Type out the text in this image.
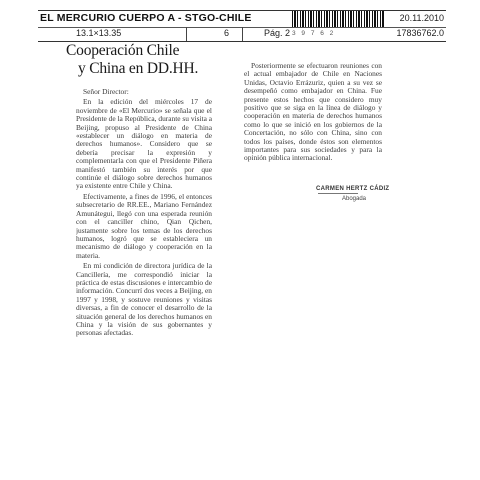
EL MERCURIO CUERPO A - STGO-CHILE	20.11.2010
13.1×13.35	6	Pág. 2 3 9 7 6 2	17836762.0
Cooperación Chile
y China en DD.HH.

Señor Director:

En la edición del miércoles 17 de noviembre de «El Mercurio» se señala que el Presidente de la República, durante su visita a Beijing, propuso al Presidente de China «establecer un diálogo en materia de derechos humanos». Considero que se debería precisar la expresión y complementarla con que el Presidente Piñera manifestó también su interés por que continúe el diálogo sobre derechos humanos ya existente entre Chile y China.

Efectivamente, a fines de 1996, el entonces subsecretario de RR.EE., Mariano Fernández Amunátegui, llegó con una esperada reunión con el canciller chino, Qian Qichen, justamente sobre los temas de los derechos humanos, logró que se estableciera un mecanismo de diálogo y cooperación en la materia.

En mi condición de directora jurídica de la Cancillería, me correspondió iniciar la práctica de estas discusiones e intercambio de información. Concurrí dos veces a Beijing, en 1997 y 1998, y sostuve reuniones y visitas diversas, a fin de conocer el desarrollo de la situación general de los derechos humanos en China y la visión de sus gobernantes y personas afectadas.

Posteriormente se efectuaron reuniones con el actual embajador de Chile en Naciones Unidas, Octavio Errázuriz, quien a su vez se desempeñó como embajador en China. Fue presente estos hechos que considero muy positivo que se siga en la línea de diálogo y cooperación en materia de derechos humanos como lo que se inició en los gobiernos de la Concertación, no sólo con China, sino con todos los países, donde éstos son elementos importantes para sus sociedades y para la opinión pública internacional.

CARMEN HERTZ CÁDIZ
Abogada
